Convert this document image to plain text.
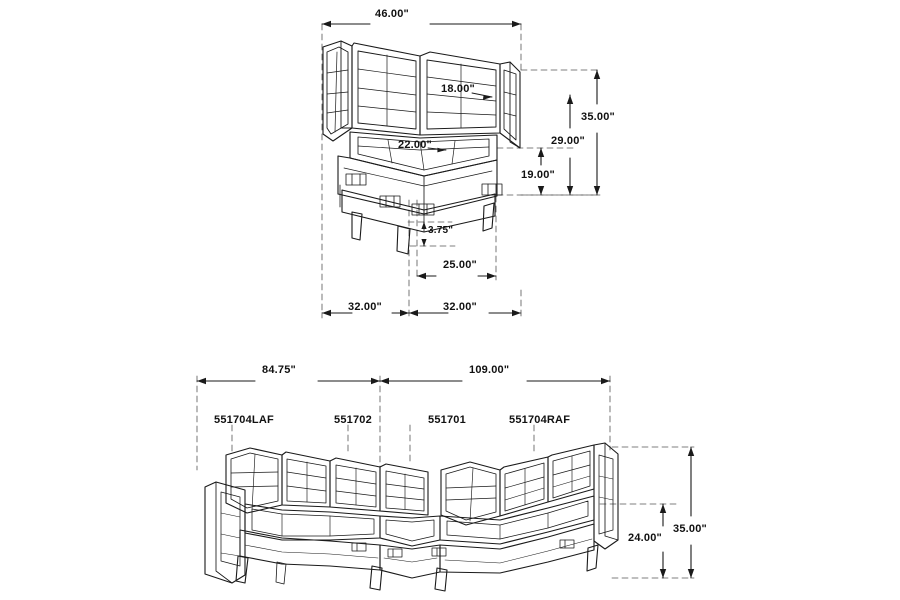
46.00"
18.00"
22.00"
35.00"
29.00"
19.00"
3.75"
25.00"
32.00"	32.00"
84.75"	109.00"
35.00"
24.00"
551704LAF	551702	551701	551704RAF
